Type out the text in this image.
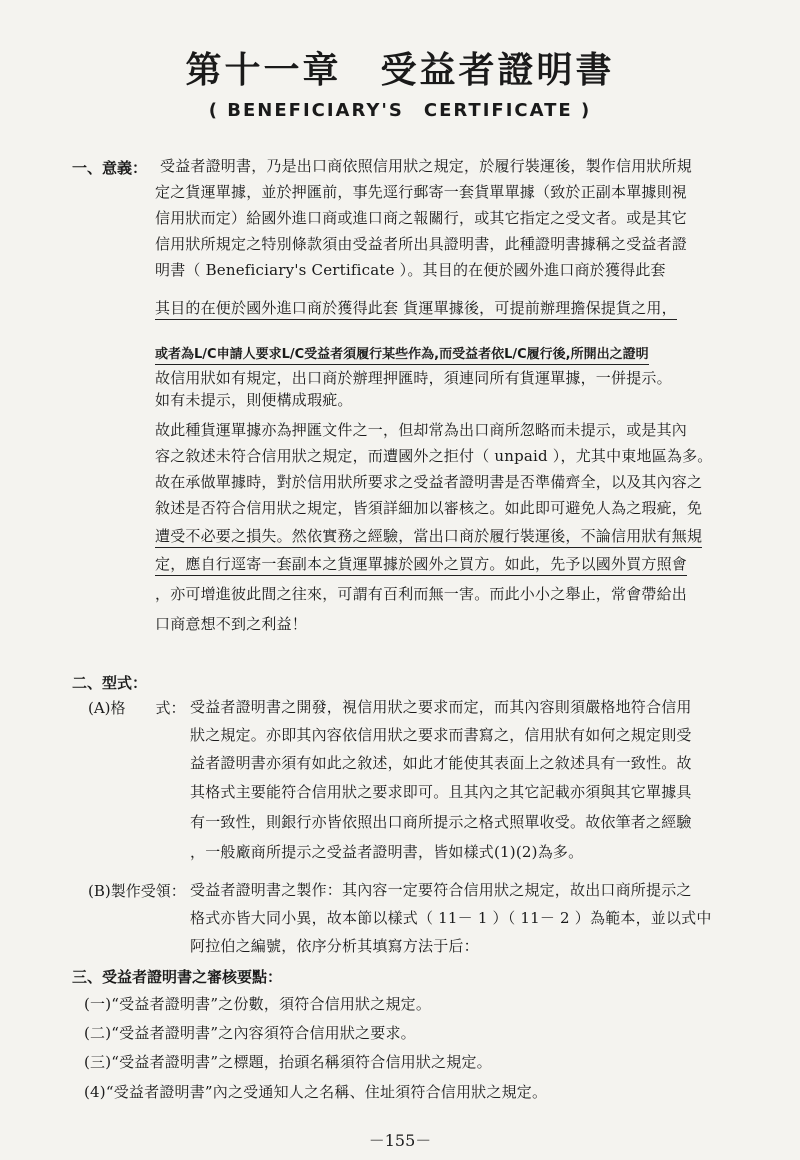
第十一章　受益者證明書
( BENEFICIARY'S　CERTIFICATE )
一、意義： 受益者證明書，乃是出口商依照信用狀之規定，於履行裝運後，製作信用狀所規
定之貨運單據，並於押匯前，事先逕行郵寄一套貨單單據（致於正副本單據則視
信用狀而定）給國外進口商或進口商之報關行，或其它指定之受文者。或是其它
信用狀所規定之特別條款須由受益者所出具證明書，此種證明書據稱之受益者證
明書（ Beneficiary's Certificate ）。其目的在便於國外進口商於獲得此套
其目的在便於國外進口商於獲得此套 貨運單據後，可提前辦理擔保提貨之用，
或者為L/C申請人要求L/C受益者須履行某些作為,而受益者依L/C履行後,所開出之證明
故信用狀如有規定，出口商於辦理押匯時，須連同所有貨運單據，一併提示。
如有未提示，則便構成瑕疵。
故此種貨運單據亦為押匯文件之一，但却常為出口商所忽略而未提示，或是其內
容之敘述未符合信用狀之規定，而遭國外之拒付（ unpaid ），尤其中東地區為多。
故在承做單據時，對於信用狀所要求之受益者證明書是否準備齊全，以及其內容之
敘述是否符合信用狀之規定，皆須詳細加以審核之。如此即可避免人為之瑕疵，免
遭受不必要之損失。然依實務之經驗，當出口商於履行裝運後，不論信用狀有無規
定，應自行逕寄一套副本之貨運單據於國外之買方。如此，先予以國外買方照會
，亦可增進彼此間之往來，可謂有百利而無一害。而此小小之舉止，常會帶給出
口商意想不到之利益！
二、型式：
(A)格　　式： 受益者證明書之開發，視信用狀之要求而定，而其內容則須嚴格地符合信用
狀之規定。亦即其內容依信用狀之要求而書寫之，信用狀有如何之規定則受
益者證明書亦須有如此之敘述，如此才能使其表面上之敘述具有一致性。故
其格式主要能符合信用狀之要求即可。且其內之其它記載亦須與其它單據具
有一致性，則銀行亦皆依照出口商所提示之格式照單收受。故依筆者之經驗
，一般廠商所提示之受益者證明書，皆如樣式(1)(2)為多。
(B)製作受領： 受益者證明書之製作：其內容一定要符合信用狀之規定，故出口商所提示之
格式亦皆大同小異，故本節以樣式（ 11－ 1 ）（ 11－ 2 ）為範本，並以式中
阿拉伯之編號，依序分析其填寫方法于后：
三、受益者證明書之審核要點：
(一)“受益者證明書”之份數，須符合信用狀之規定。
(二)“受益者證明書”之內容須符合信用狀之要求。
(三)“受益者證明書”之標題，抬頭名稱須符合信用狀之規定。
(4)“受益者證明書”內之受通知人之名稱、住址須符合信用狀之規定。
－155－
